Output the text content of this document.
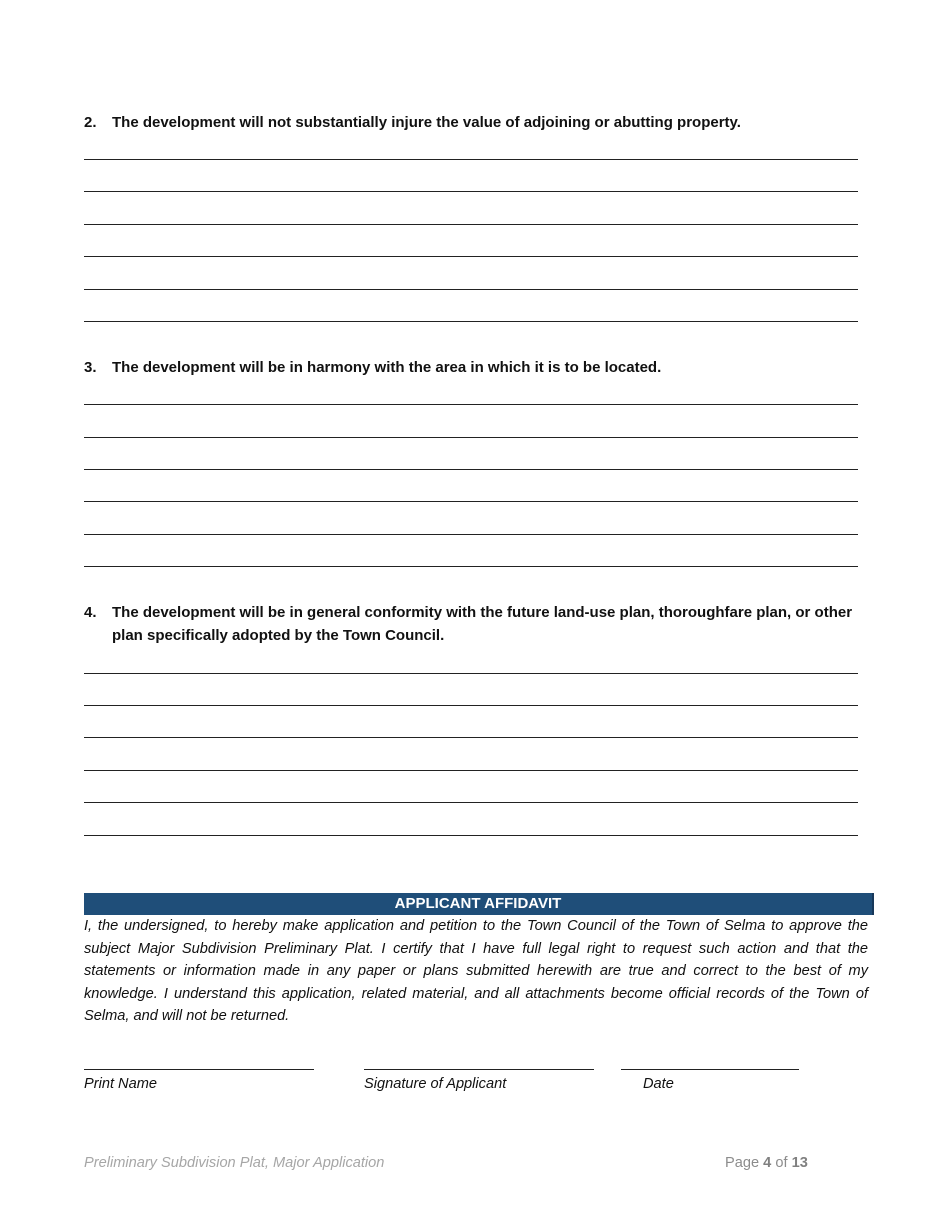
2.	The development will not substantially injure the value of adjoining or abutting property.
3.	The development will be in harmony with the area in which it is to be located.
4.	The development will be in general conformity with the future land-use plan, thoroughfare plan, or other plan specifically adopted by the Town Council.
APPLICANT AFFIDAVIT
I, the undersigned, to hereby make application and petition to the Town Council of the Town of Selma to approve the subject Major Subdivision Preliminary Plat. I certify that I have full legal right to request such action and that the statements or information made in any paper or plans submitted herewith are true and correct to the best of my knowledge. I understand this application, related material, and all attachments become official records of the Town of Selma, and will not be returned.
Print Name	Signature of Applicant	Date
Preliminary Subdivision Plat, Major Application	Page 4 of 13
